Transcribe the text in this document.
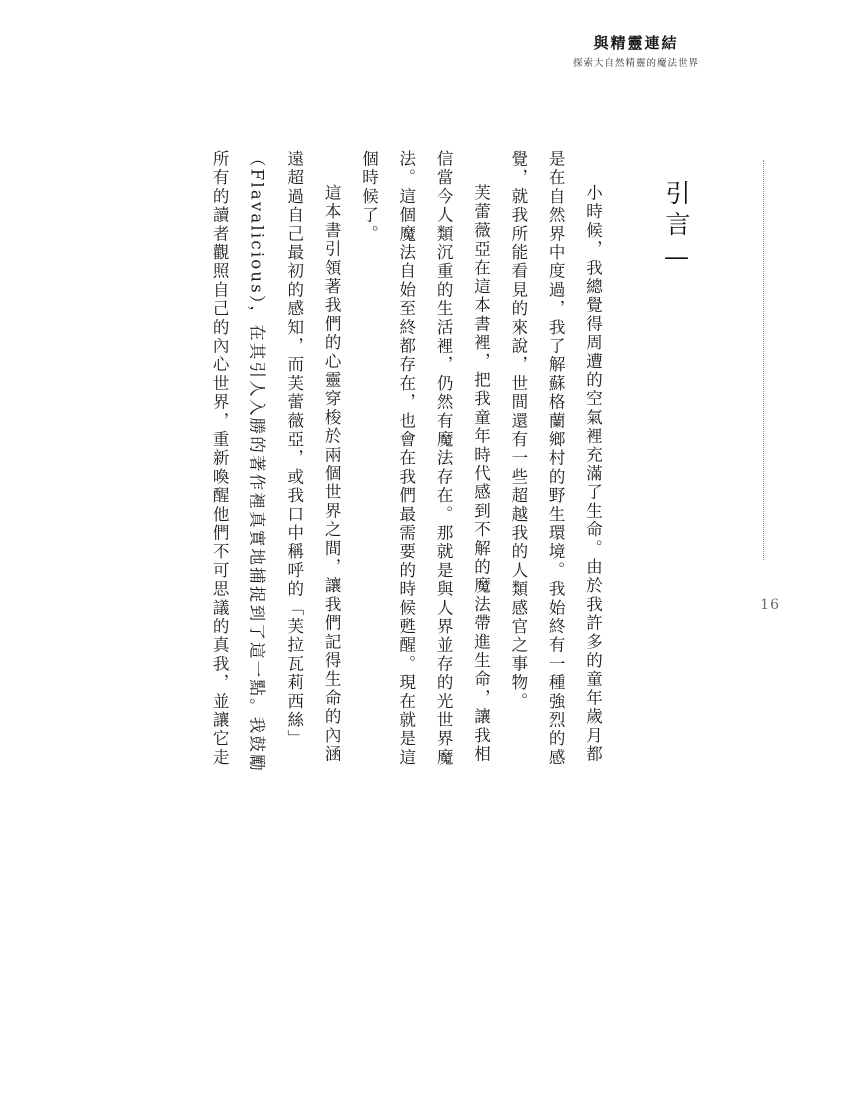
與精靈連結
探索大自然精靈的魔法世界
16
引言—
小時候，我總覺得周遭的空氣裡充滿了生命。由於我許多的童年歲月都
是在自然界中度過，我了解蘇格蘭鄉村的野生環境。我始終有一種強烈的感
覺，就我所能看見的來說，世間還有一些超越我的人類感官之事物。
芙蕾薇亞在這本書裡，把我童年時代感到不解的魔法帶進生命，讓我相
信當今人類沉重的生活裡，仍然有魔法存在。那就是與人界並存的光世界魔
法。這個魔法自始至終都存在，也會在我們最需要的時候甦醒。現在就是這
個時候了。
這本書引領著我們的心靈穿梭於兩個世界之間，讓我們記得生命的內涵
遠超過自己最初的感知，而芙蕾薇亞，或我口中稱呼的「芙拉瓦莉西絲」
（Flavalicious），在其引人入勝的著作裡真實地捕捉到了這一點。我鼓勵
所有的讀者觀照自己的內心世界，重新喚醒他們不可思議的真我，並讓它走
